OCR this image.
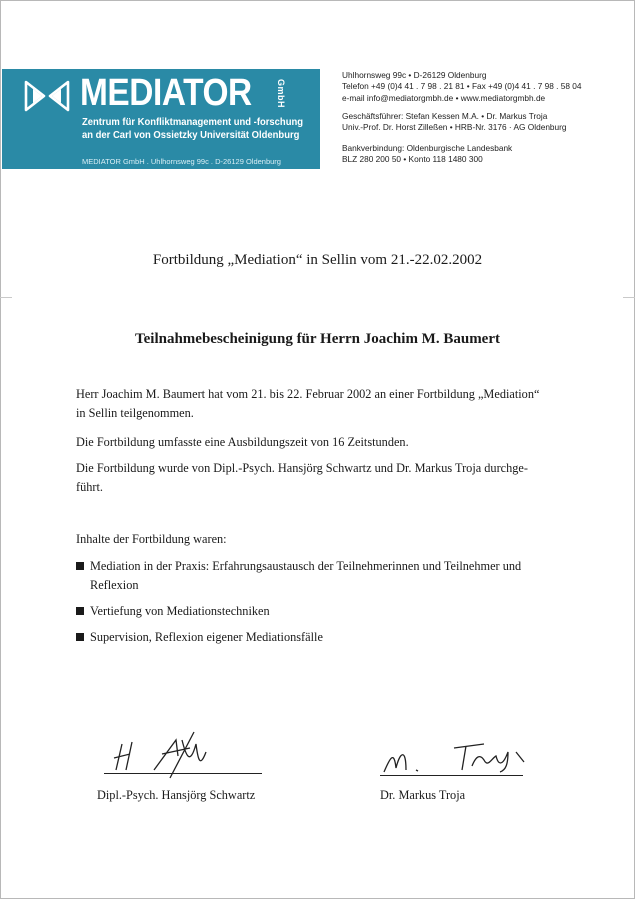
MEDIATOR	GmbH
Zentrum für Konfliktmanagement und -forschung
an der Carl von Ossietzky Universität Oldenburg
MEDIATOR GmbH . Uhlhornsweg 99c . D-26129 Oldenburg
Uhlhornsweg 99c • D-26129 Oldenburg
Telefon +49 (0)4 41 . 7 98 . 21 81 • Fax +49 (0)4 41 . 7 98 . 58 04
e-mail info@mediatorgmbh.de • www.mediatorgmbh.de
Geschäftsführer: Stefan Kessen M.A. • Dr. Markus Troja
Univ.-Prof. Dr. Horst Zilleßen • HRB-Nr. 3176 · AG Oldenburg
Bankverbindung: Oldenburgische Landesbank
BLZ 280 200 50 • Konto 118 1480 300
Fortbildung „Mediation“ in Sellin vom 21.-22.02.2002
Teilnahmebescheinigung für Herrn Joachim M. Baumert
Herr Joachim M. Baumert hat vom 21. bis 22. Februar 2002 an einer Fortbildung „Mediation“
in Sellin teilgenommen.
Die Fortbildung umfasste eine Ausbildungszeit von 16 Zeitstunden.
Die Fortbildung wurde von Dipl.-Psych. Hansjörg Schwartz und Dr. Markus Troja durchge-
führt.
Inhalte der Fortbildung waren:
Mediation in der Praxis: Erfahrungsaustausch der Teilnehmerinnen und Teilnehmer und
Reflexion
Vertiefung von Mediationstechniken
Supervision, Reflexion eigener Mediationsfälle
Dipl.-Psych. Hansjörg Schwartz	Dr. Markus Troja
